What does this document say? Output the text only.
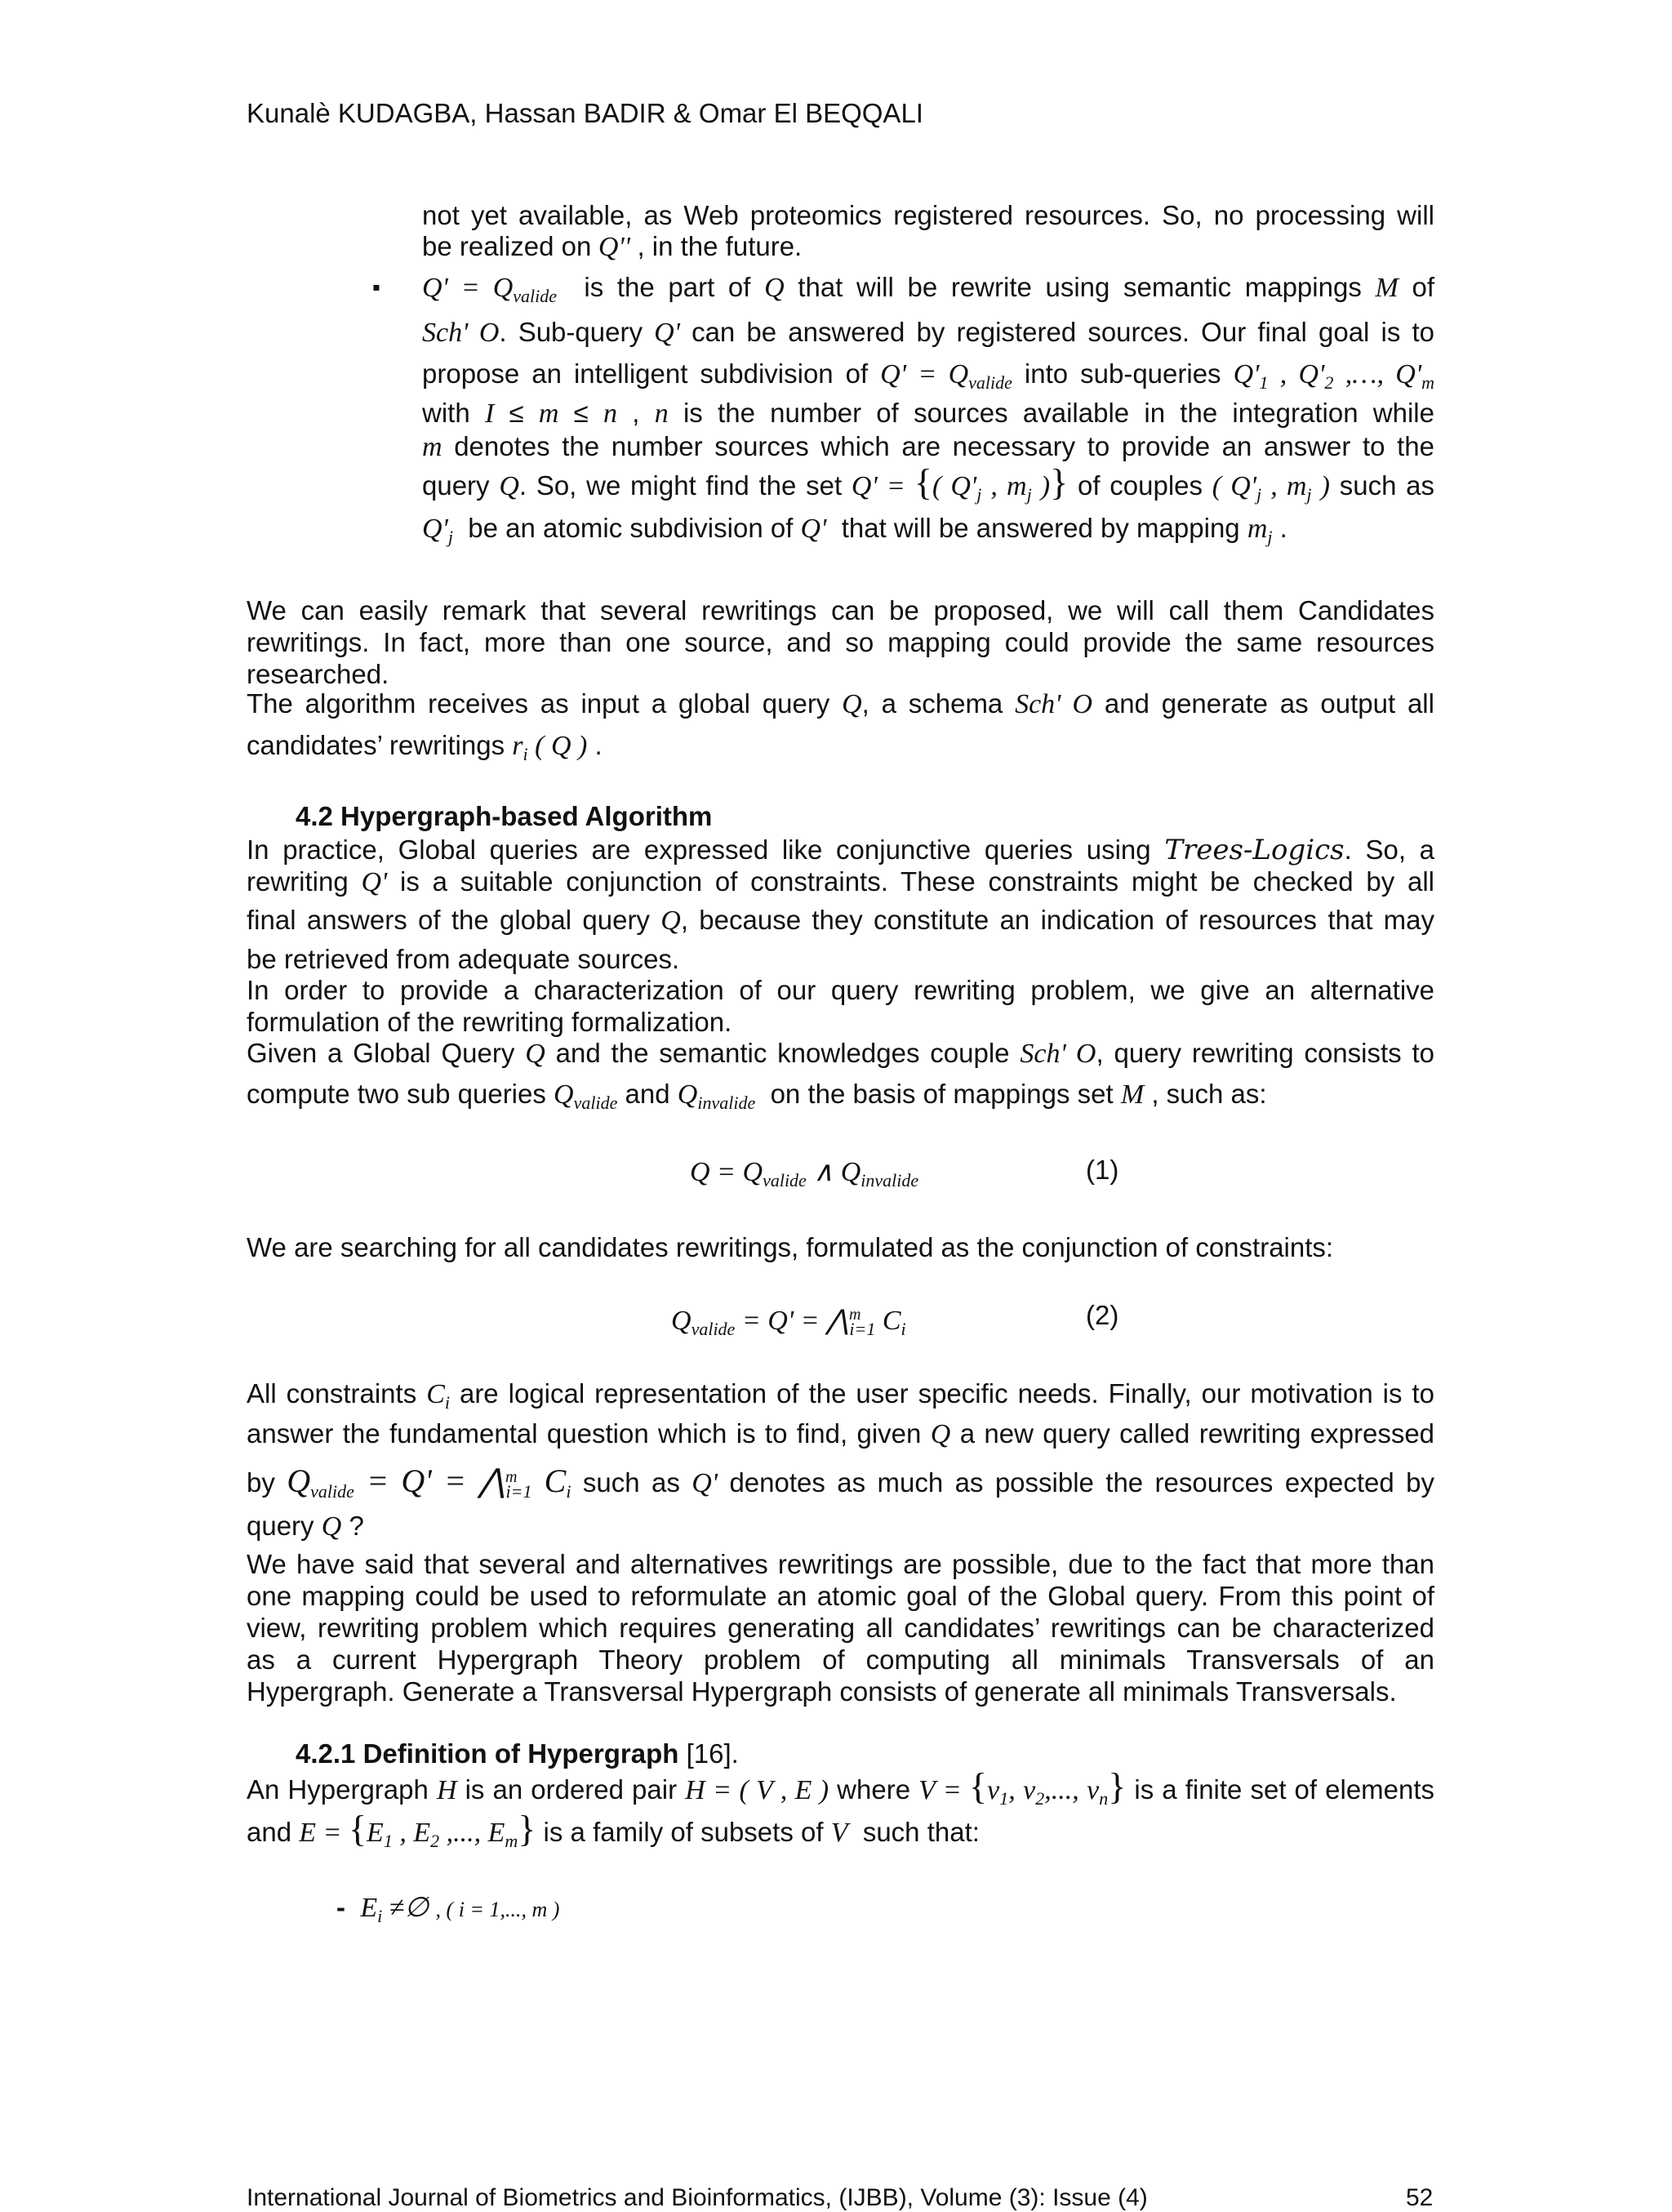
Kunalè KUDAGBA, Hassan BADIR & Omar El BEQQALI
not yet available, as Web proteomics registered resources. So, no processing will
be realized on Q'' , in the future.
▪ $Q' = Q_{valide}$ is the part of Q that will be rewrite using semantic mappings M of
Sch' O. Sub-query Q' can be answered by registered sources. Our final goal is to
propose an intelligent subdivision of $Q' = Q_{valide}$ into sub-queries $Q'_1$ , $Q'_2$ ,…, $Q'_m$
with I ≤ m ≤ n , n is the number of sources available in the integration while
m denotes the number sources which are necessary to provide an answer to the
query Q. So, we might find the set Q' = {( $Q'_j$ , $m_j$ )} of couples ( $Q'_j$ , $m_j$ ) such as
$Q'_j$ be an atomic subdivision of Q' that will be answered by mapping $m_j$ .
We can easily remark that several rewritings can be proposed, we will call them Candidates
rewritings. In fact, more than one source, and so mapping could provide the same resources
researched.
The algorithm receives as input a global query Q, a schema Sch' O and generate as output all
candidates’ rewritings $r_i$ ( Q ) .
4.2 Hypergraph-based Algorithm
In practice, Global queries are expressed like conjunctive queries using Trees-Logics. So, a
rewriting Q' is a suitable conjunction of constraints. These constraints might be checked by all
final answers of the global query Q, because they constitute an indication of resources that may
be retrieved from adequate sources.
In order to provide a characterization of our query rewriting problem, we give an alternative
formulation of the rewriting formalization.
Given a Global Query Q and the semantic knowledges couple Sch' O, query rewriting consists to
compute two sub queries $Q_{valide}$ and $Q_{invalide}$ on the basis of mappings set M , such as:
$Q = Q_{valide}$ ∧ $Q_{invalide}$	(1)
We are searching for all candidates rewritings, formulated as the conjunction of constraints:
$Q_{valide} = Q'$ = ⋀$^m_{i=1}$ $C_i$	(2)
All constraints $C_i$ are logical representation of the user specific needs. Finally, our motivation is to
answer the fundamental question which is to find, given Q a new query called rewriting expressed
by $Q_{valide} = Q'$ = ⋀$^m_{i=1}$ $C_i$ such as Q' denotes as much as possible the resources expected by
query Q ?
We have said that several and alternatives rewritings are possible, due to the fact that more than
one mapping could be used to reformulate an atomic goal of the Global query. From this point of
view, rewriting problem which requires generating all candidates’ rewritings can be characterized
as a current Hypergraph Theory problem of computing all minimals Transversals of an
Hypergraph. Generate a Transversal Hypergraph consists of generate all minimals Transversals.
4.2.1 Definition of Hypergraph [16].
An Hypergraph H is an ordered pair H = ( V , E ) where $V = \{v_1$, $v_2$,..., $v_n$} is a finite set of elements
and $E = \{E_1$ , $E_2$ ,..., $E_m$} is a family of subsets of V such that:
- $E_i$ ≠∅ , ( i = 1,..., m )
International Journal of Biometrics and Bioinformatics, (IJBB), Volume (3): Issue (4)	52
